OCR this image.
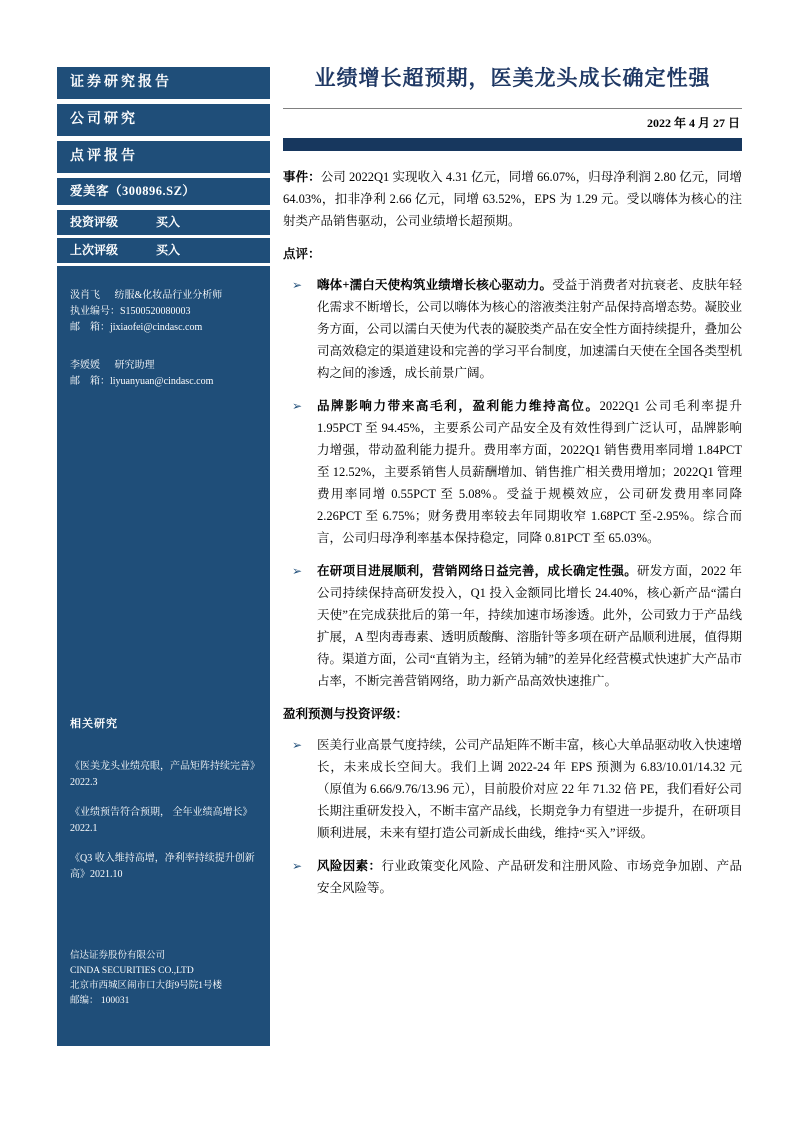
证券研究报告
公司研究
点评报告
爱美客（300896.SZ）
投资评级	买入
上次评级	买入
汲肖飞 纺服&化妆品行业分析师
执业编号：S1500520080003
邮　箱：jixiaofei@cindasc.com
李媛媛 研究助理
邮　箱：liyuanyuan@cindasc.com
相关研究
《医美龙头业绩亮眼，产品矩阵持续完善》2022.3
《业绩预告符合预期， 全年业绩高增长》2022.1
《Q3 收入维持高增，净利率持续提升创新高》2021.10
信达证券股份有限公司
CINDA SECURITIES CO.,LTD
北京市西城区闹市口大街9号院1号楼
邮编： 100031
业绩增长超预期，医美龙头成长确定性强
2022 年 4 月 27 日

事件：公司 2022Q1 实现收入 4.31 亿元，同增 66.07%，归母净利润 2.80 亿元，同增 64.03%，扣非净利 2.66 亿元，同增 63.52%，EPS 为 1.29 元。受以嗨体为核心的注射类产品销售驱动，公司业绩增长超预期。

点评：
➢	嗨体+濡白天使构筑业绩增长核心驱动力。受益于消费者对抗衰老、皮肤年轻化需求不断增长，公司以嗨体为核心的溶液类注射产品保持高增态势。凝胶业务方面，公司以濡白天使为代表的凝胶类产品在安全性方面持续提升，叠加公司高效稳定的渠道建设和完善的学习平台制度，加速濡白天使在全国各类型机构之间的渗透，成长前景广阔。
➢	品牌影响力带来高毛利，盈利能力维持高位。2022Q1 公司毛利率提升 1.95PCT 至 94.45%，主要系公司产品安全及有效性得到广泛认可，品牌影响力增强，带动盈利能力提升。费用率方面，2022Q1 销售费用率同增 1.84PCT 至 12.52%，主要系销售人员薪酬增加、销售推广相关费用增加；2022Q1 管理费用率同增 0.55PCT 至 5.08%。受益于规模效应，公司研发费用率同降 2.26PCT 至 6.75%；财务费用率较去年同期收窄 1.68PCT 至-2.95%。综合而言，公司归母净利率基本保持稳定，同降 0.81PCT 至 65.03%。
➢	在研项目进展顺利，营销网络日益完善，成长确定性强。研发方面，2022 年公司持续保持高研发投入，Q1 投入金额同比增长 24.40%，核心新产品“濡白天使”在完成获批后的第一年，持续加速市场渗透。此外，公司致力于产品线扩展，A 型肉毒毒素、透明质酸酶、溶脂针等多项在研产品顺利进展，值得期待。渠道方面，公司“直销为主，经销为辅”的差异化经营模式快速扩大产品市占率，不断完善营销网络，助力新产品高效快速推广。
盈利预测与投资评级：
➢	医美行业高景气度持续，公司产品矩阵不断丰富，核心大单品驱动收入快速增长，未来成长空间大。我们上调 2022-24 年 EPS 预测为 6.83/10.01/14.32 元（原值为 6.66/9.76/13.96 元），目前股价对应 22 年 71.32 倍 PE，我们看好公司长期注重研发投入，不断丰富产品线，长期竞争力有望进一步提升，在研项目顺利进展，未来有望打造公司新成长曲线，维持“买入”评级。
➢	风险因素：行业政策变化风险、产品研发和注册风险、市场竞争加剧、产品安全风险等。
